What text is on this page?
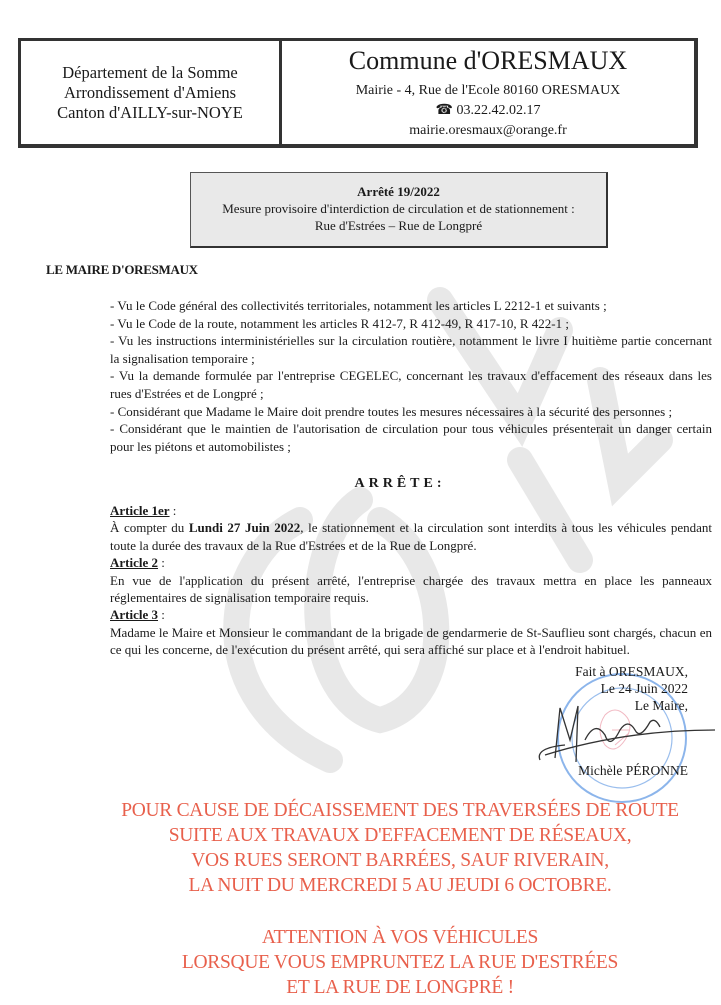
Département de la Somme
Arrondissement d'Amiens
Canton d'AILLY-sur-NOYE
Commune d'ORESMAUX
Mairie - 4, Rue de l'Ecole 80160 ORESMAUX
☎ 03.22.42.02.17
mairie.oresmaux@orange.fr
Arrêté 19/2022
Mesure provisoire d'interdiction de circulation et de stationnement :
Rue d'Estrées – Rue de Longpré
LE MAIRE D'ORESMAUX

- Vu le Code général des collectivités territoriales, notamment les articles L 2212-1 et suivants ;

- Vu le Code de la route, notamment les articles R 412-7, R 412-49, R 417-10, R 422-1 ;

- Vu les instructions interministérielles sur la circulation routière, notamment le livre I huitième partie concernant la signalisation temporaire ;

- Vu la demande formulée par l'entreprise CEGELEC, concernant les travaux d'effacement des réseaux dans les rues d'Estrées et de Longpré ;

- Considérant que Madame le Maire doit prendre toutes les mesures nécessaires à la sécurité des personnes ;

- Considérant que le maintien de l'autorisation de circulation pour tous véhicules présenterait un danger certain pour les piétons et automobilistes ;

ARRÊTE:

Article 1er :

À compter du Lundi 27 Juin 2022, le stationnement et la circulation sont interdits à tous les véhicules pendant toute la durée des travaux de la Rue d'Estrées et de la Rue de Longpré.

Article 2 :

En vue de l'application du présent arrêté, l'entreprise chargée des travaux mettra en place les panneaux réglementaires de signalisation temporaire requis.

Article 3 :

Madame le Maire et Monsieur le commandant de la brigade de gendarmerie de St-Sauflieu sont chargés, chacun en ce qui les concerne, de l'exécution du présent arrêté, qui sera affiché sur place et à l'endroit habituel.

Fait à ORESMAUX,
Le 24 Juin 2022
Le Maire,
Michèle PÉRONNE
POUR CAUSE DE DÉCAISSEMENT DES TRAVERSÉES DE ROUTE
SUITE AUX TRAVAUX D'EFFACEMENT DE RÉSEAUX,
VOS RUES SERONT BARRÉES, SAUF RIVERAIN,
LA NUIT DU MERCREDI 5 AU JEUDI 6 OCTOBRE.
ATTENTION À VOS VÉHICULES
LORSQUE VOUS EMPRUNTEZ LA RUE D'ESTRÉES
ET LA RUE DE LONGPRÉ !
